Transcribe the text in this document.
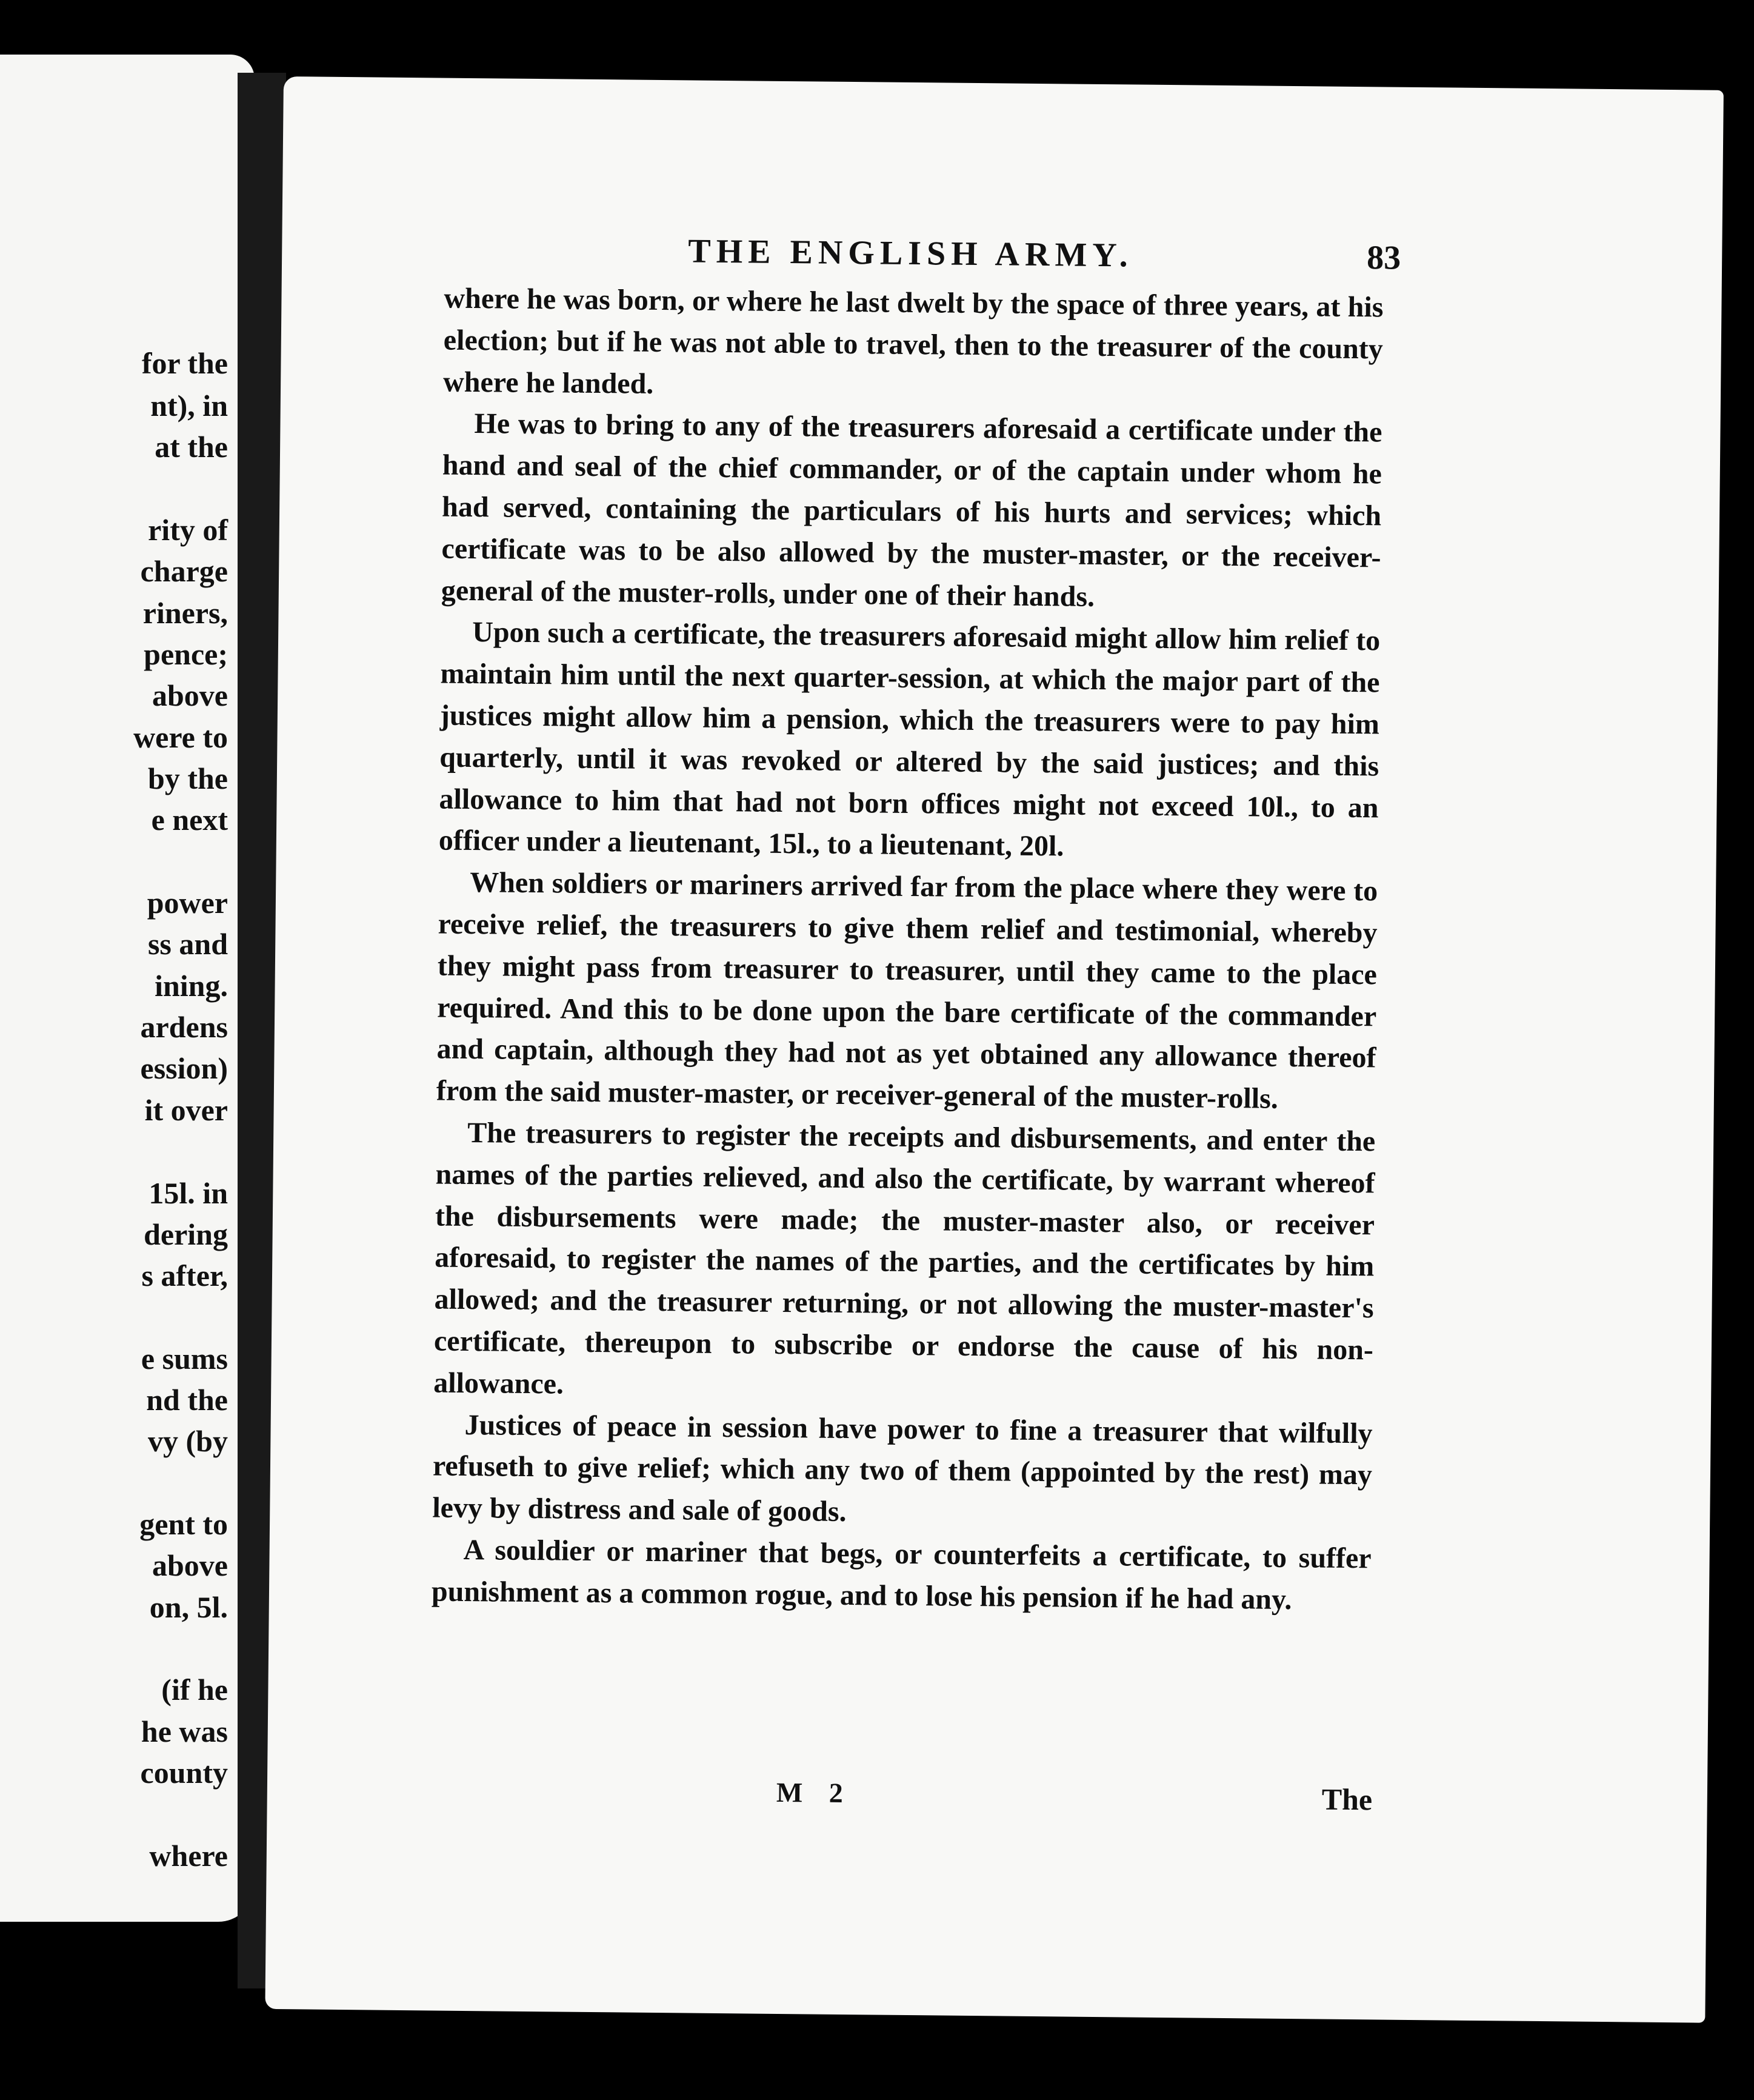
for the
nt), in
at the
rity of
charge
riners,
pence;
above
were to
by the
e next
power
ss and
ining.
ardens
ession)
it over
15l. in
dering
s after,
e sums
nd the
vy (by
gent to
above
on, 5l.
(if he
he was
county
where
THE ENGLISH ARMY.	83

where he was born, or where he last dwelt by the space of three years, at his election; but if he was not able to travel, then to the treasurer of the county where he landed.

He was to bring to any of the treasurers aforesaid a certificate under the hand and seal of the chief commander, or of the captain under whom he had served, containing the particulars of his hurts and services; which certificate was to be also allowed by the muster-master, or the receiver-general of the muster-rolls, under one of their hands.

Upon such a certificate, the treasurers aforesaid might allow him relief to maintain him until the next quarter-session, at which the major part of the justices might allow him a pension, which the treasurers were to pay him quarterly, until it was revoked or altered by the said justices; and this allowance to him that had not born offices might not exceed 10l., to an officer under a lieutenant, 15l., to a lieutenant, 20l.

When soldiers or mariners arrived far from the place where they were to receive relief, the treasurers to give them relief and testimonial, whereby they might pass from treasurer to treasurer, until they came to the place required. And this to be done upon the bare certificate of the commander and captain, although they had not as yet obtained any allowance thereof from the said muster-master, or receiver-general of the muster-rolls.

The treasurers to register the receipts and disbursements, and enter the names of the parties relieved, and also the certificate, by warrant whereof the disbursements were made; the muster-master also, or receiver aforesaid, to register the names of the parties, and the certificates by him allowed; and the treasurer returning, or not allowing the muster-master's certificate, thereupon to subscribe or endorse the cause of his non-allowance.

Justices of peace in session have power to fine a treasurer that wilfully refuseth to give relief; which any two of them (appointed by the rest) may levy by distress and sale of goods.

A souldier or mariner that begs, or counterfeits a certificate, to suffer punishment as a common rogue, and to lose his pension if he had any.

M 2	The
